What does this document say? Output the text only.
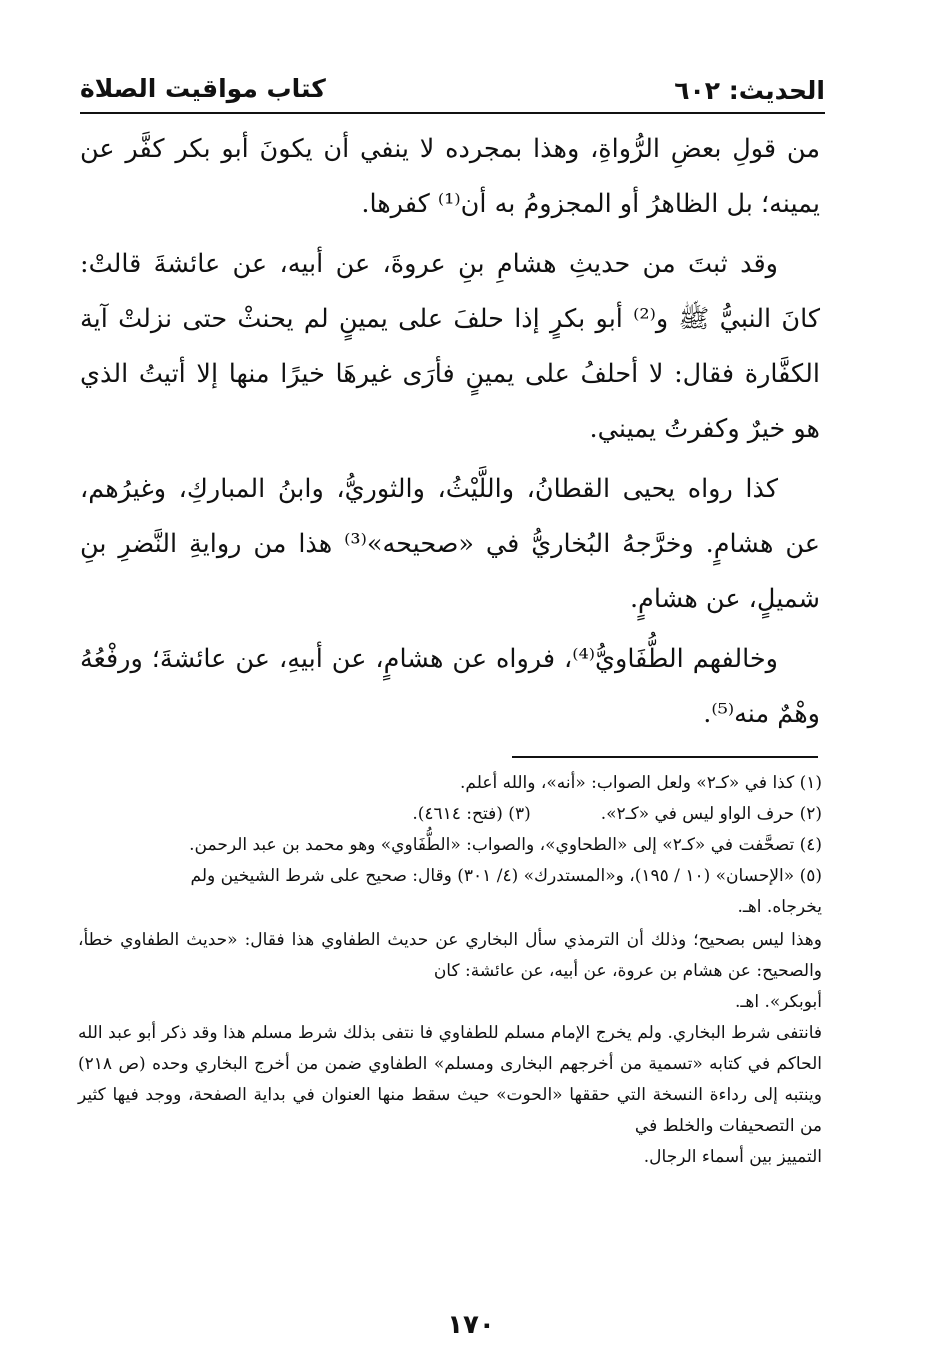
الحديث: ٦٠٢
كتاب مواقيت الصلاة

من قولِ بعضِ الرُّواةِ، وهذا بمجرده لا ينفي أن يكونَ أبو بكر كفَّر عن يمينه؛ بل الظاهرُ أو المجزومُ به أن⁽¹⁾ كفرها.

وقد ثبتَ من حديثِ هشامِ بنِ عروةَ، عن أبيه، عن عائشةَ قالتْ: كانَ النبيُّ ﷺ و⁽²⁾ أبو بكرٍ إذا حلفَ على يمينٍ لم يحنثْ حتى نزلتْ آية الكفَّارة فقال: لا أحلفُ على يمينٍ فأرَى غيرهَا خيرًا منها إلا أتيتُ الذي هو خيرٌ وكفرتُ يميني.

كذا رواه يحيى القطانُ، واللَّيْثُ، والثوريُّ، وابنُ المباركِ، وغيرُهم، عن هشامٍ. وخرَّجهُ البُخاريُّ في «صحيحه»⁽³⁾ هذا من روايةِ النَّضرِ بنِ شميلٍ، عن هشامٍ.

وخالفهم الطُّفَاويُّ⁽⁴⁾، فرواه عن هشامٍ، عن أبيهِ، عن عائشةَ؛ ورفْعُهُ وهْمٌ منه⁽⁵⁾.

(١) كذا في «كـ٢» ولعل الصواب: «أنه»، والله أعلم.

(٢) حرف الواو ليس في «كـ٢».
(٣) (فتح: ٤٦١٤).

(٤) تصحَّفت في «كـ٢» إلى «الطحاوي»، والصواب: «الطُّفَاوي» وهو محمد بن عبد الرحمن.

(٥) «الإحسان» (١٠ / ١٩٥)، و«المستدرك» (٤/ ٣٠١) وقال: صحيح على شرط الشيخين ولم

يخرجاه. اهـ.

وهذا ليس بصحيح؛ وذلك أن الترمذي سأل البخاري عن حديث الطفاوي هذا فقال: «حديث الطفاوي خطأ، والصحيح: عن هشام بن عروة، عن أبيه، عن عائشة: كان

أبوبكر». اهـ.

فانتفى شرط البخاري. ولم يخرج الإمام مسلم للطفاوي فا نتفى بذلك شرط مسلم هذا وقد ذكر أبو عبد الله الحاكم في كتابه «تسمية من أخرجهم البخارى ومسلم» الطفاوي ضمن من أخرج البخاري وحده (ص ٢١٨) وينتبه إلى رداءة النسخة التي حققها «الحوت» حيث سقط منها العنوان في بداية الصفحة، ووجد فيها كثير من التصحيفات والخلط في

التمييز بين أسماء الرجال.

١٧٠
